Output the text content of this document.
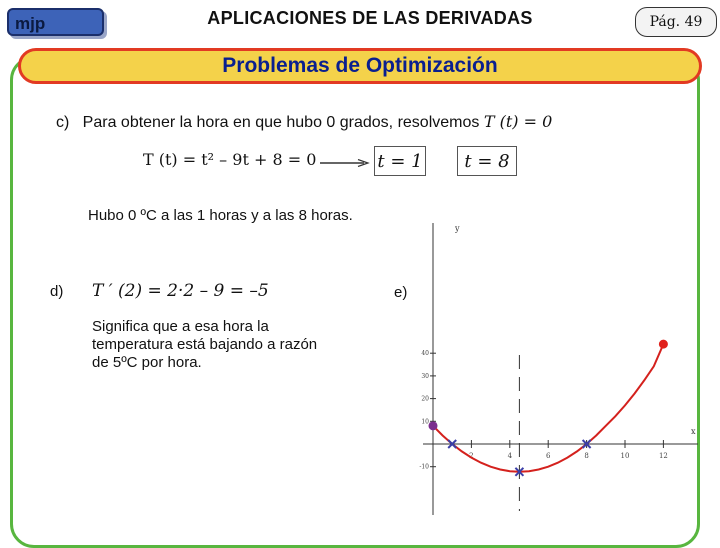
mjp	APLICACIONES DE LAS DERIVADAS	Pág. 49
Problemas de Optimización
c) Para obtener la hora en que hubo 0 grados, resolvemos T (t) = 0
T (t) = t² – 9t + 8 = 0	t = 1	t = 8
Hubo 0 ºC a las 1 horas y a las 8 horas.
d) T ′ (2) = 2·2 – 9 = –5
Significa que a esa hora la temperatura está bajando a razón de 5ºC por hora.
e)
x
y
2	4	6	8	10	12
40
30
20
10
-10
